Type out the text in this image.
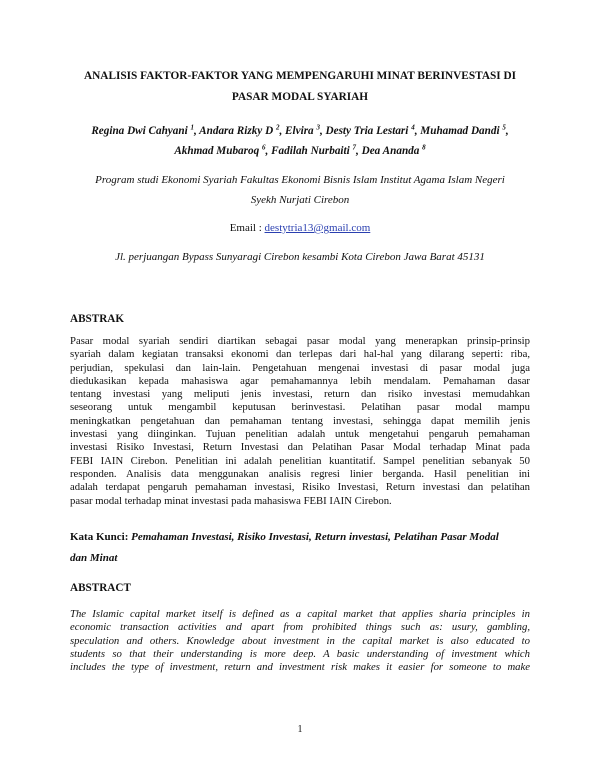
ANALISIS FAKTOR-FAKTOR YANG MEMPENGARUHI MINAT BERINVESTASI DI
PASAR MODAL SYARIAH
Regina Dwi Cahyani $^1$, Andara Rizky D $^2$, Elvira $^3$, Desty Tria Lestari $^4$, Muhamad Dandi $^5$,
Akhmad Mubaroq $^6$, Fadilah Nurbaiti $^7$, Dea Ananda $^8$
Program studi Ekonomi Syariah Fakultas Ekonomi Bisnis Islam Institut Agama Islam Negeri
Syekh Nurjati Cirebon
Email : destytria13@gmail.com
Jl. perjuangan Bypass Sunyaragi Cirebon kesambi Kota Cirebon Jawa Barat 45131
ABSTRAK
Pasar modal syariah sendiri diartikan sebagai pasar modal yang menerapkan prinsip-prinsip
syariah dalam kegiatan transaksi ekonomi dan terlepas dari hal-hal yang dilarang seperti: riba,
perjudian, spekulasi dan lain-lain. Pengetahuan mengenai investasi di pasar modal juga
diedukasikan kepada mahasiswa agar pemahamannya lebih mendalam. Pemahaman dasar
tentang investasi yang meliputi jenis investasi, return dan risiko investasi memudahkan
seseorang untuk mengambil keputusan berinvestasi. Pelatihan pasar modal mampu
meningkatkan pengetahuan dan pemahaman tentang investasi, sehingga dapat memilih jenis
investasi yang diinginkan. Tujuan penelitian adalah untuk mengetahui pengaruh pemahaman
investasi Risiko Investasi, Return Investasi dan Pelatihan Pasar Modal terhadap Minat pada
FEBI IAIN Cirebon. Penelitian ini adalah penelitian kuantitatif. Sampel penelitian sebanyak 50
responden. Analisis data menggunakan analisis regresi linier berganda. Hasil penelitian ini
adalah terdapat pengaruh pemahaman investasi, Risiko Investasi, Return investasi dan pelatihan
pasar modal terhadap minat investasi pada mahasiswa FEBI IAIN Cirebon.
Kata Kunci: Pemahaman Investasi, Risiko Investasi, Return investasi, Pelatihan Pasar Modal
dan Minat
ABSTRACT
The Islamic capital market itself is defined as a capital market that applies sharia principles in
economic transaction activities and apart from prohibited things such as: usury, gambling,
speculation and others. Knowledge about investment in the capital market is also educated to
students so that their understanding is more deep. A basic understanding of investment which
includes the type of investment, return and investment risk makes it easier for someone to make
1
